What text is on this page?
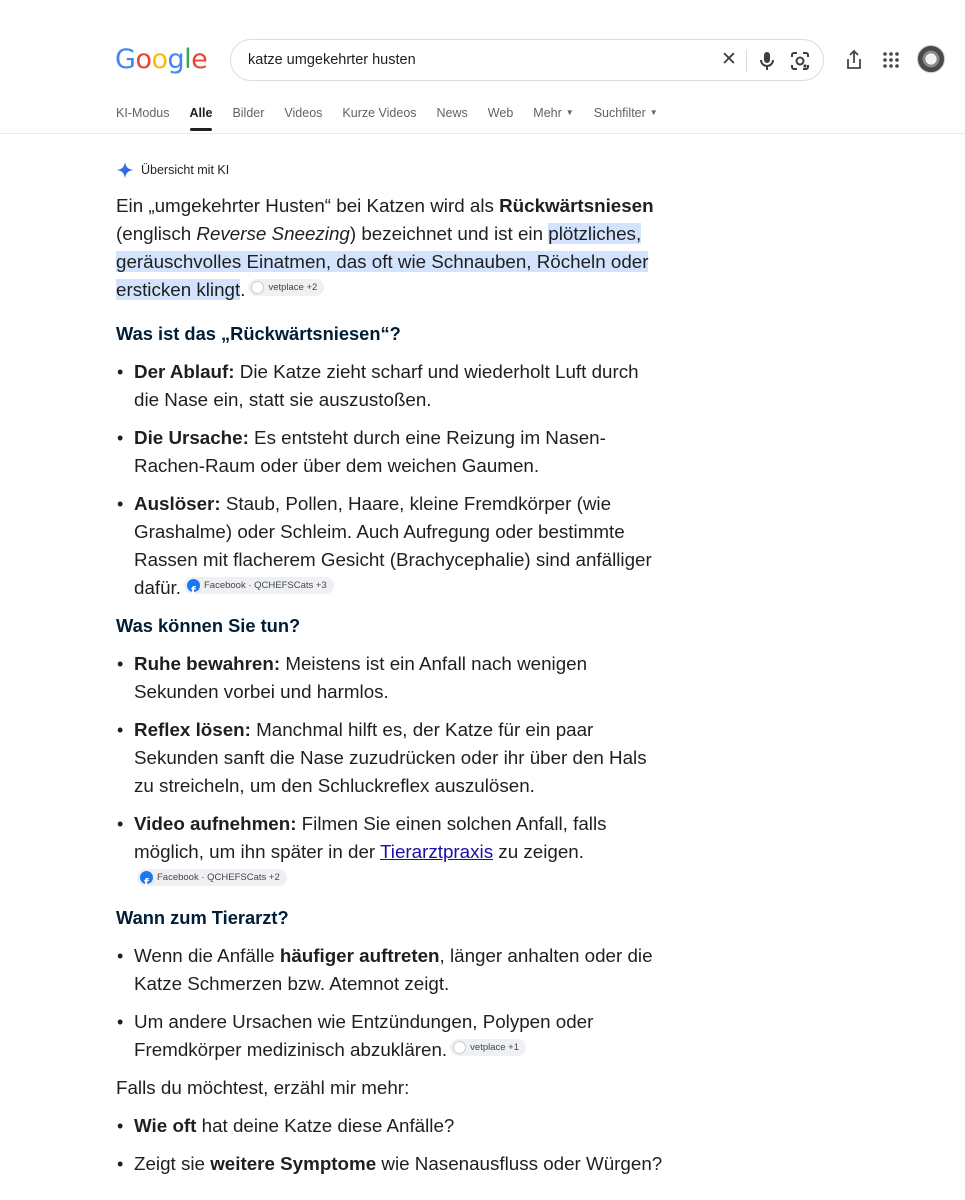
Google	katze umgekehrter husten	✕
KI-Modus Alle Bilder Videos Kurze Videos News Web Mehr ▼ Suchfilter ▼
Übersicht mit KI

Ein „umgekehrter Husten“ bei Katzen wird als Rückwärtsniesen (englisch Reverse Sneezing) bezeichnet und ist ein plötzliches, geräuschvolles Einatmen, das oft wie Schnauben, Röcheln oder ersticken klingt. vetplace +2

Was ist das „Rückwärtsniesen“?
• Der Ablauf: Die Katze zieht scharf und wiederholt Luft durch die Nase ein, statt sie auszustoßen.
• Die Ursache: Es entsteht durch eine Reizung im Nasen-Rachen-Raum oder über dem weichen Gaumen.
• Auslöser: Staub, Pollen, Haare, kleine Fremdkörper (wie Grashalme) oder Schleim. Auch Aufregung oder bestimmte Rassen mit flacherem Gesicht (Brachycephalie) sind anfälliger dafür.
f Facebook · QCHEFSCats +3
Was können Sie tun?
• Ruhe bewahren: Meistens ist ein Anfall nach wenigen Sekunden vorbei und harmlos.
• Reflex lösen: Manchmal hilft es, der Katze für ein paar Sekunden sanft die Nase zuzudrücken oder ihr über den Hals zu streicheln, um den Schluckreflex auszulösen.
• Video aufnehmen: Filmen Sie einen solchen Anfall, falls möglich, um ihn später in der Tierarztpraxis zu zeigen.
f
Facebook · QCHEFSCats +2
Wann zum Tierarzt?
• Wenn die Anfälle häufiger auftreten, länger anhalten oder die Katze Schmerzen bzw. Atemnot zeigt.
• Um andere Ursachen wie Entzündungen, Polypen oder Fremdkörper medizinisch abzuklären. vetplace +1

Falls du möchtest, erzähl mir mehr:

• Wie oft hat deine Katze diese Anfälle?
• Zeigt sie weitere Symptome wie Nasenausfluss oder Würgen?
